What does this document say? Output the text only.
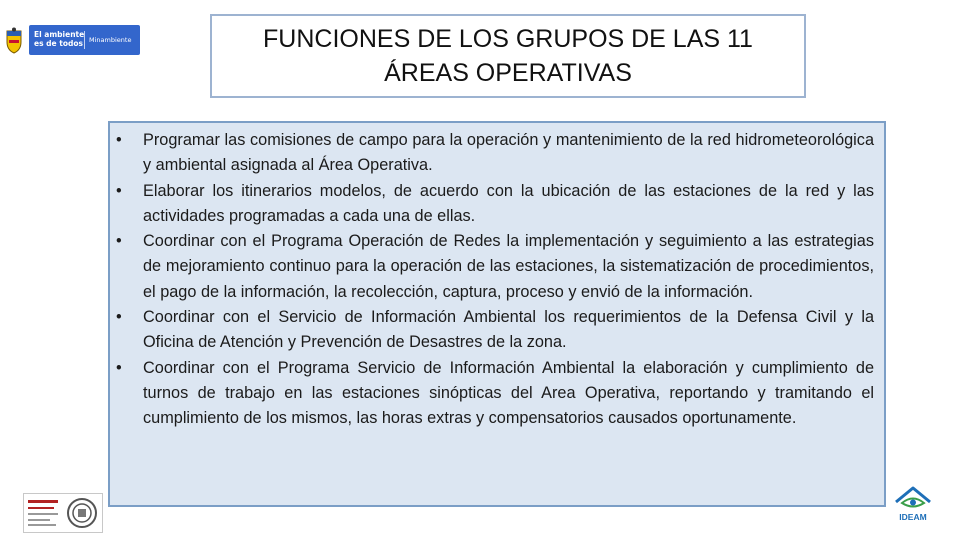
El ambiente
es de todos Minambiente	FUNCIONES DE LOS GRUPOS DE LAS 11
ÁREAS OPERATIVAS
• Programar las comisiones de campo para la operación y mantenimiento de la red hidrometeorológica y ambiental asignada al Área Operativa.
• Elaborar los itinerarios modelos, de acuerdo con la ubicación de las estaciones de la red y las actividades programadas a cada una de ellas.
• Coordinar con el Programa Operación de Redes la implementación y seguimiento a las estrategias de mejoramiento continuo para la operación de las estaciones, la sistematización de procedimientos, el pago de la información, la recolección, captura, proceso y envió de la información.
• Coordinar con el Servicio de Información Ambiental los requerimientos de la Defensa Civil y la Oficina de Atención y Prevención de Desastres de la zona.
• Coordinar con el Programa Servicio de Información Ambiental la elaboración y cumplimiento de turnos de trabajo en las estaciones sinópticas del Area Operativa, reportando y tramitando el cumplimiento de los mismos, las horas extras y compensatorios causados oportunamente.
IDEAM
